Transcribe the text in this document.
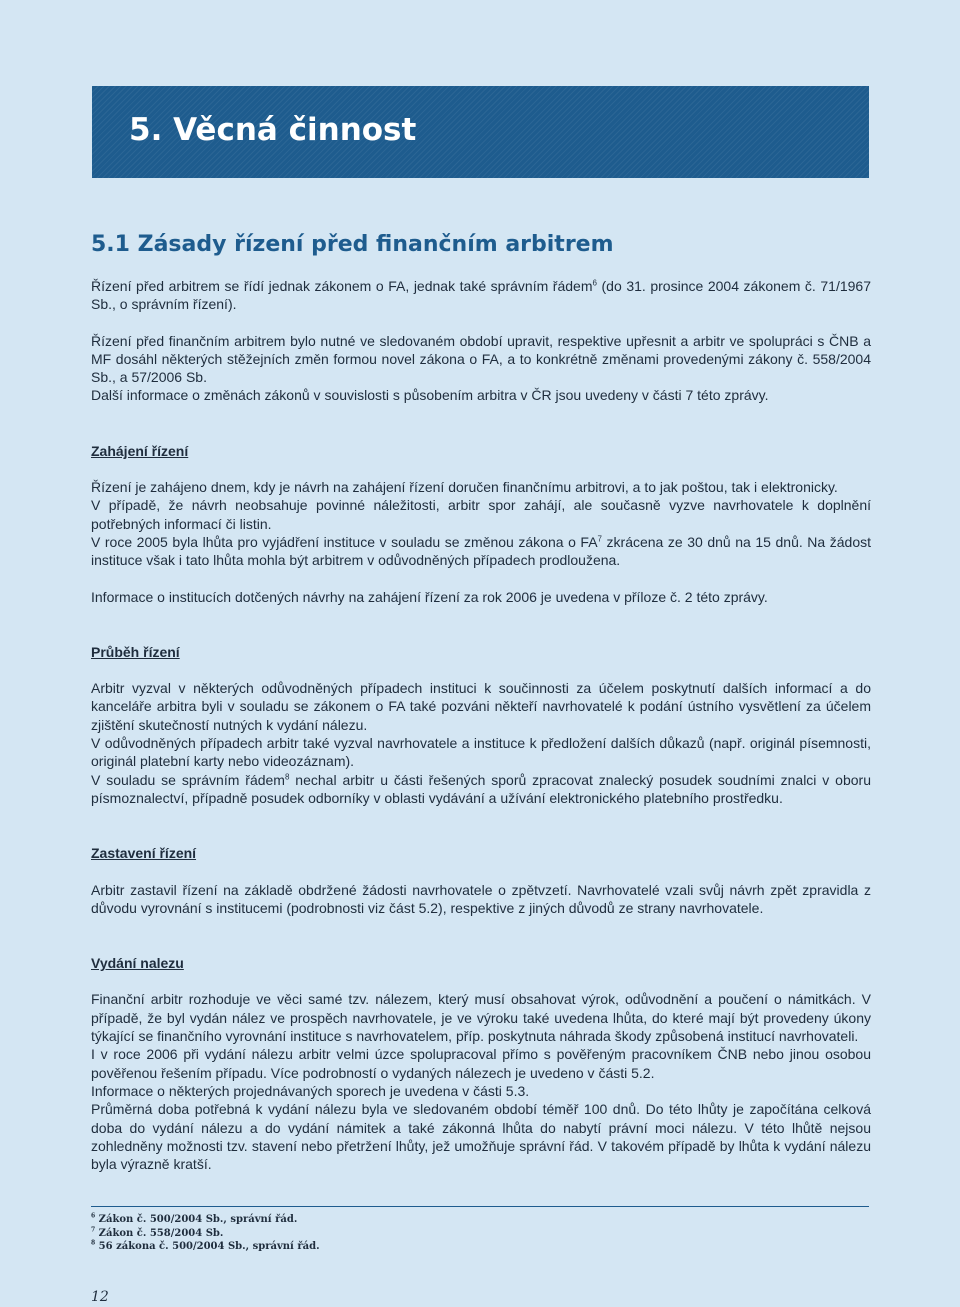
5. Věcná činnost
5.1 Zásady řízení před finančním arbitrem

Řízení před arbitrem se řídí jednak zákonem o FA, jednak také správním řádem$^6$ (do 31. prosince 2004 zákonem č. 71/1967 Sb., o správním řízení).

Řízení před finančním arbitrem bylo nutné ve sledovaném období upravit, respektive upřesnit a arbitr ve spolupráci s ČNB a MF dosáhl některých stěžejních změn formou novel zákona o FA, a to konkrétně změnami provedenými zákony č. 558/2004 Sb., a 57/2006 Sb.

Další informace o změnách zákonů v souvislosti s působením arbitra v ČR jsou uvedeny v části 7 této zprávy.

Zahájení řízení

Řízení je zahájeno dnem, kdy je návrh na zahájení řízení doručen finančnímu arbitrovi, a to jak poštou, tak i elektronicky.

V případě, že návrh neobsahuje povinné náležitosti, arbitr spor zahájí, ale současně vyzve navrhovatele k doplnění potřebných informací či listin.

V roce 2005 byla lhůta pro vyjádření instituce v souladu se změnou zákona o $FA^7$ zkrácena ze 30 dnů na 15 dnů. Na žádost instituce však i tato lhůta mohla být arbitrem v odůvodněných případech prodloužena.

Informace o institucích dotčených návrhy na zahájení řízení za rok 2006 je uvedena v příloze č. 2 této zprávy.

Průběh řízení

Arbitr vyzval v některých odůvodněných případech instituci k součinnosti za účelem poskytnutí dalších informací a do kanceláře arbitra byli v souladu se zákonem o FA také pozváni někteří navrhovatelé k podání ústního vysvětlení za účelem zjištění skutečností nutných k vydání nálezu.

V odůvodněných případech arbitr také vyzval navrhovatele a instituce k předložení dalších důkazů (např. originál písemnosti, originál platební karty nebo videozáznam).

V souladu se správním řádem$^8$ nechal arbitr u části řešených sporů zpracovat znalecký posudek soudními znalci v oboru písmoznalectví, případně posudek odborníky v oblasti vydávání a užívání elektronického platebního prostředku.

Zastavení řízení

Arbitr zastavil řízení na základě obdržené žádosti navrhovatele o zpětvzetí. Navrhovatelé vzali svůj návrh zpět zpravidla z důvodu vyrovnání s institucemi (podrobnosti viz část 5.2), respektive z jiných důvodů ze strany navrhovatele.

Vydání nalezu

Finanční arbitr rozhoduje ve věci samé tzv. nálezem, který musí obsahovat výrok, odůvodnění a poučení o námitkách. V případě, že byl vydán nález ve prospěch navrhovatele, je ve výroku také uvedena lhůta, do které mají být provedeny úkony týkající se finančního vyrovnání instituce s navrhovatelem, příp. poskytnuta náhrada škody způsobená institucí navrhovateli.

I v roce 2006 při vydání nálezu arbitr velmi úzce spolupracoval přímo s pověřeným pracovníkem ČNB nebo jinou osobou pověřenou řešením případu. Více podrobností o vydaných nálezech je uvedeno v části 5.2.

Informace o některých projednávaných sporech je uvedena v části 5.3.

Průměrná doba potřebná k vydání nálezu byla ve sledovaném období téměř 100 dnů. Do této lhůty je započítána celková doba do vydání nálezu a do vydání námitek a také zákonná lhůta do nabytí právní moci nálezu. V této lhůtě nejsou zohledněny možnosti tzv. stavení nebo přetržení lhůty, jež umožňuje správní řád. V takovém případě by lhůta k vydání nálezu byla výrazně kratší.

$^6$ Zákon č. 500/2004 Sb., správní řád.
$^7$ Zákon č. 558/2004 Sb.
$^8$ 56 zákona č. 500/2004 Sb., správní řád.
12
